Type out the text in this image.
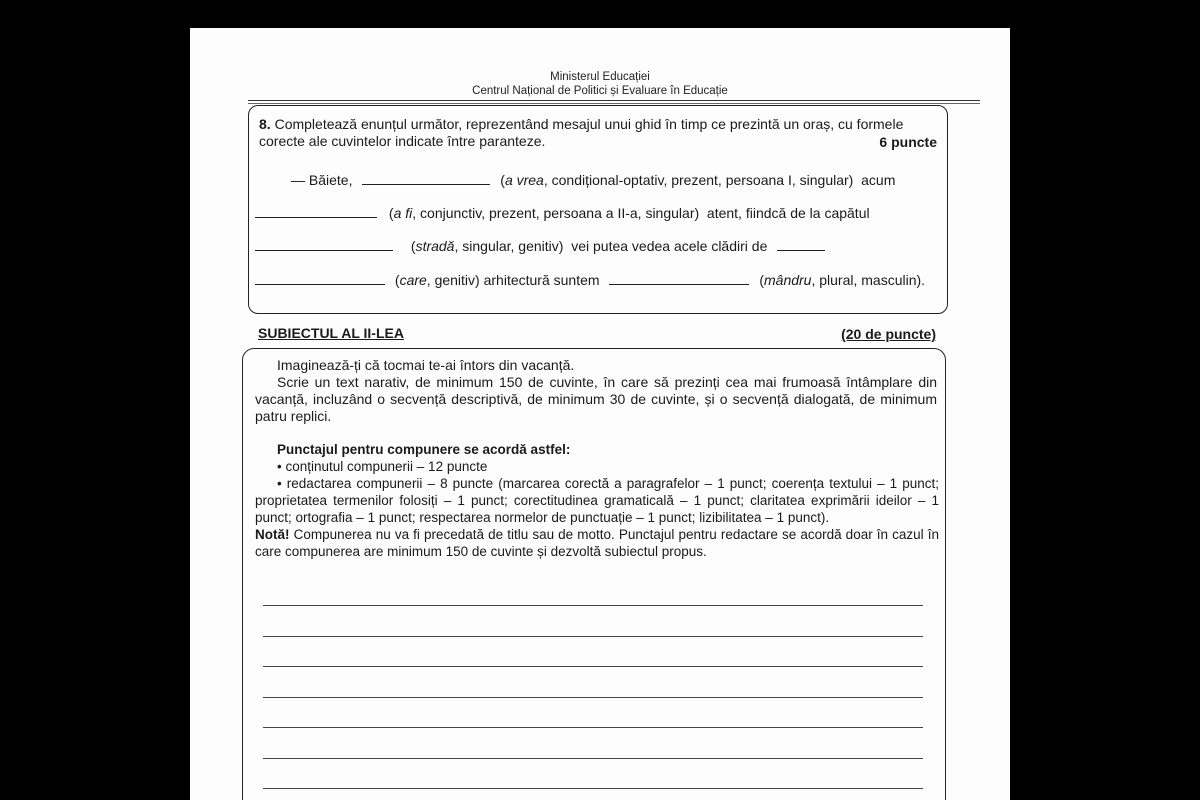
Ministerul Educației
Centrul Național de Politici și Evaluare în Educație
8. Completează enunțul următor, reprezentând mesajul unui ghid în timp ce prezintă un oraș, cu formele corecte ale cuvintelor indicate între paranteze.	6 puncte
— Băiete,	(a vrea, condițional-optativ, prezent, persoana I, singular) acum
(a fi, conjunctiv, prezent, persoana a II-a, singular) atent, fiindcă de la capătul
(stradă, singular, genitiv) vei putea vedea acele clădiri de
(care, genitiv) arhitectură suntem	(mândru, plural, masculin).
SUBIECTUL AL II-LEA	(20 de puncte)

Imaginează-ți că tocmai te-ai întors din vacanță.

Scrie un text narativ, de minimum 150 de cuvinte, în care să prezinți cea mai frumoasă întâmplare din vacanță, incluzând o secvență descriptivă, de minimum 30 de cuvinte, și o secvență dialogată, de minimum patru replici.

Punctajul pentru compunere se acordă astfel:
• conținutul compunerii – 12 puncte
• redactarea compunerii – 8 puncte (marcarea corectă a paragrafelor – 1 punct; coerența textului – 1 punct; proprietatea termenilor folosiți – 1 punct; corectitudinea gramaticală – 1 punct; claritatea exprimării ideilor – 1 punct; ortografia – 1 punct; respectarea normelor de punctuație – 1 punct; lizibilitatea – 1 punct).
Notă! Compunerea nu va fi precedată de titlu sau de motto. Punctajul pentru redactare se acordă doar în cazul în care compunerea are minimum 150 de cuvinte și dezvoltă subiectul propus.
